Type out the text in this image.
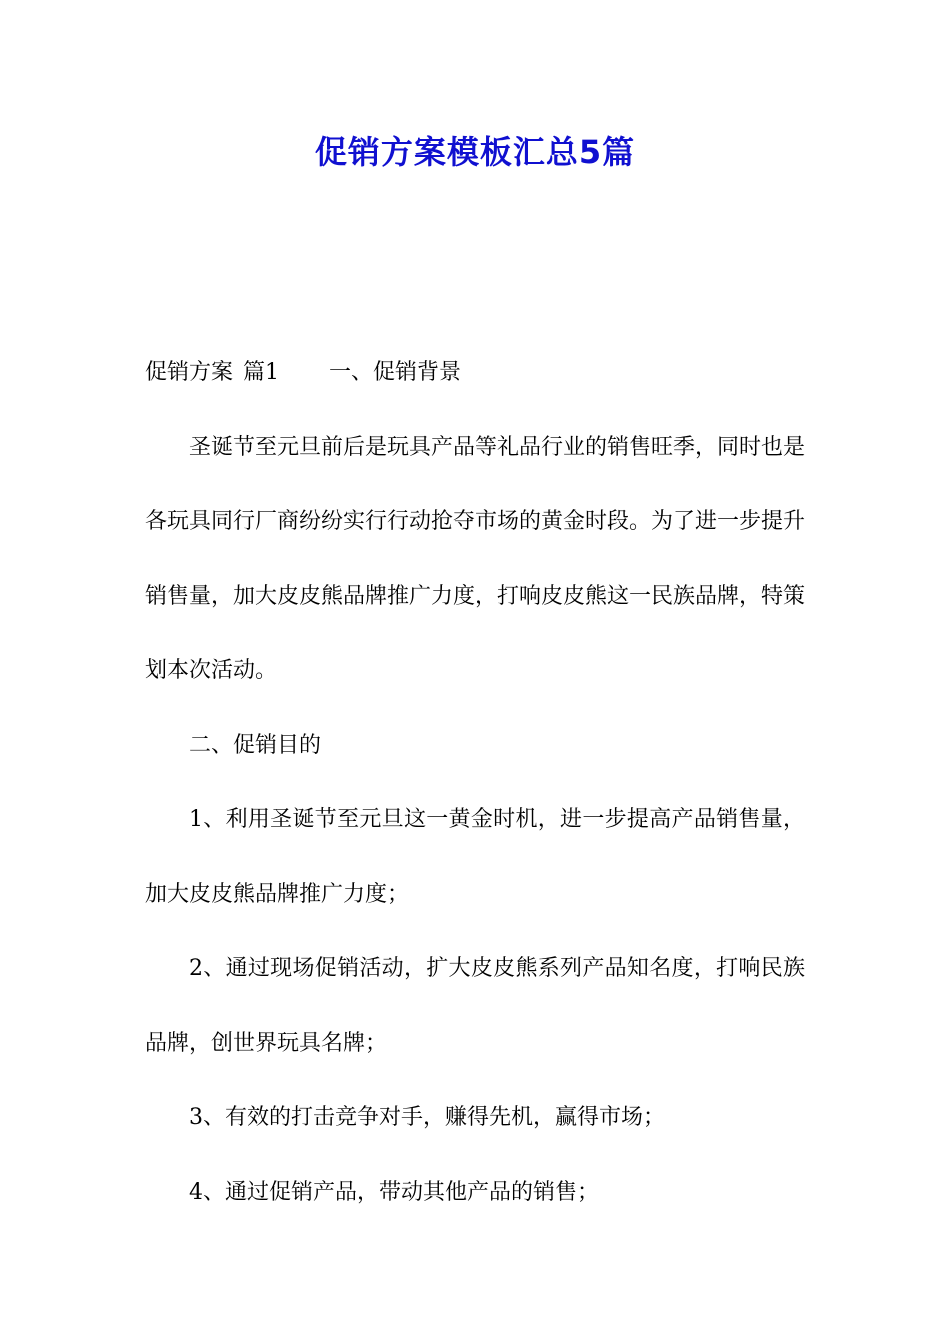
促销方案模板汇总5篇

促销方案 篇1 一、促销背景

圣诞节至元旦前后是玩具产品等礼品行业的销售旺季，同时也是各玩具同行厂商纷纷实行行动抢夺市场的黄金时段。为了进一步提升销售量，加大皮皮熊品牌推广力度，打响皮皮熊这一民族品牌，特策划本次活动。

二、促销目的

1、利用圣诞节至元旦这一黄金时机，进一步提高产品销售量，加大皮皮熊品牌推广力度；

2、通过现场促销活动，扩大皮皮熊系列产品知名度，打响民族品牌，创世界玩具名牌；

3、有效的打击竞争对手，赚得先机，赢得市场；

4、通过促销产品，带动其他产品的销售；
